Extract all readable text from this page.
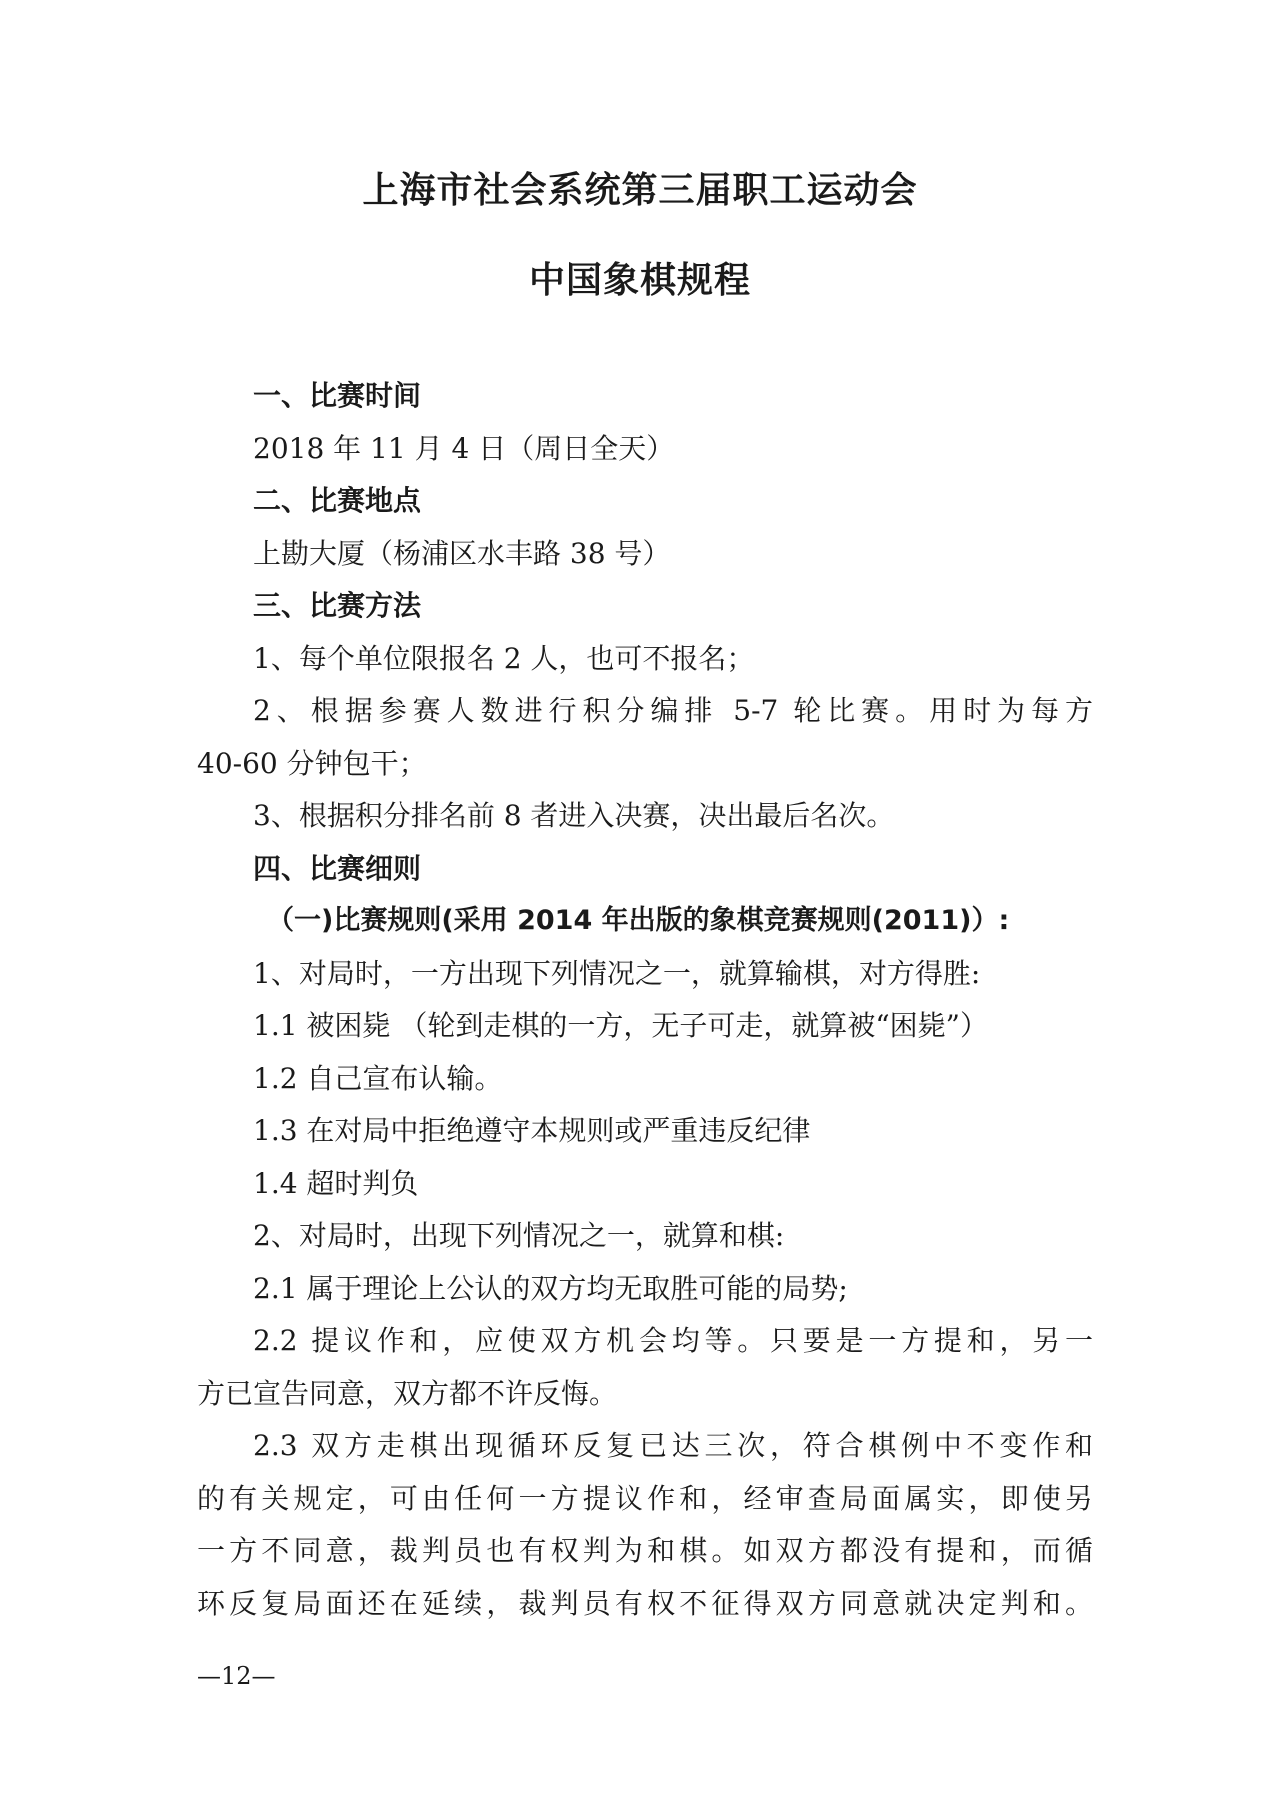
上海市社会系统第三届职工运动会
中国象棋规程
一、比赛时间
2018 年 11 月 4 日（周日全天）
二、比赛地点
上勘大厦（杨浦区水丰路 38 号）
三、比赛方法
1、每个单位限报名 2 人，也可不报名；
2、根据参赛人数进行积分编排 5-7 轮比赛。用时为每方
40-60 分钟包干；
3、根据积分排名前 8 者进入决赛，决出最后名次。
四、比赛细则
（一)比赛规则(采用 2014 年出版的象棋竞赛规则(2011)）:
1、对局时，一方出现下列情况之一，就算输棋，对方得胜:
1.1 被困毙 （轮到走棋的一方，无子可走，就算被“困毙”）
1.2 自己宣布认输。
1.3 在对局中拒绝遵守本规则或严重违反纪律
1.4 超时判负
2、对局时，出现下列情况之一，就算和棋:
2.1 属于理论上公认的双方均无取胜可能的局势;
2.2 提议作和，应使双方机会均等。只要是一方提和，另一
方已宣告同意，双方都不许反悔。
2.3 双方走棋出现循环反复已达三次，符合棋例中不变作和
的有关规定，可由任何一方提议作和，经审查局面属实，即使另
一方不同意，裁判员也有权判为和棋。如双方都没有提和，而循
环反复局面还在延续，裁判员有权不征得双方同意就决定判和。
—12—
